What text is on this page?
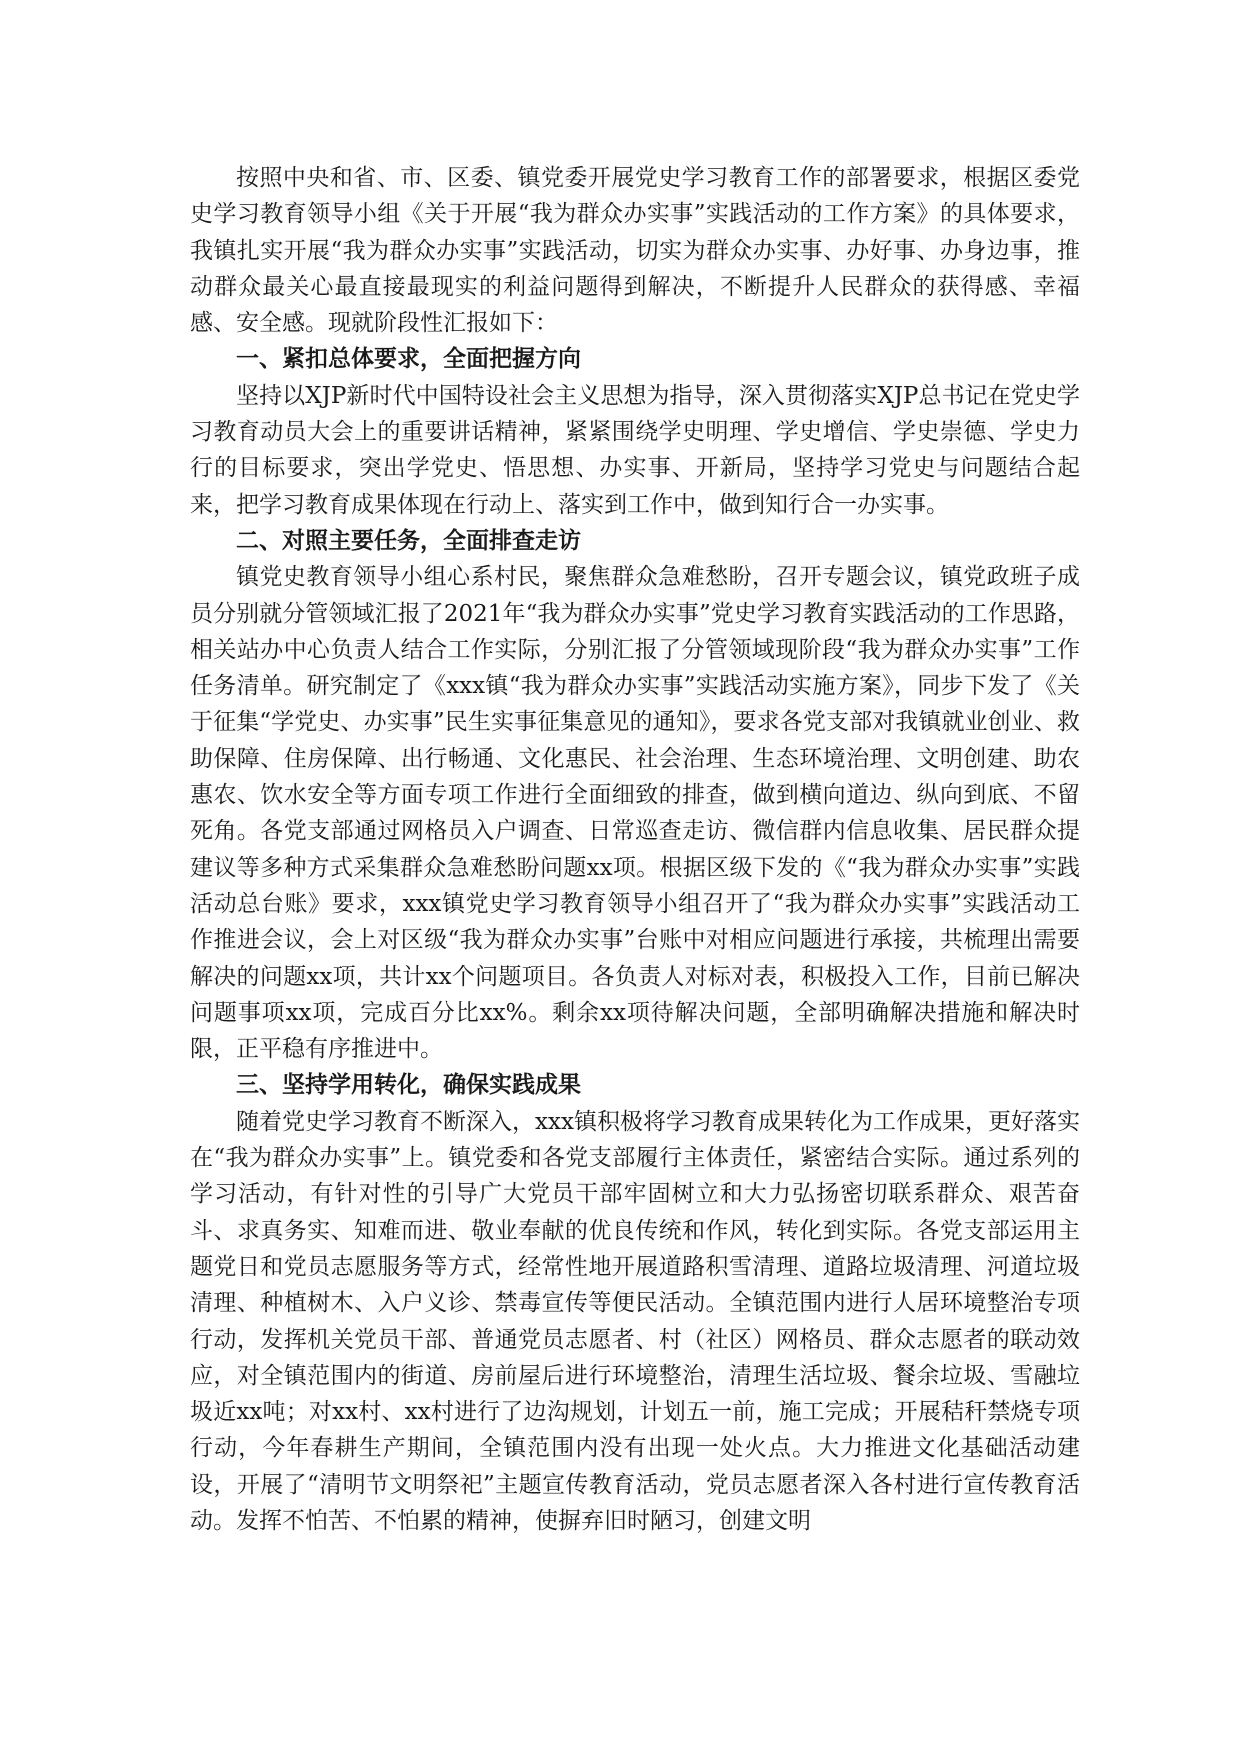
按照中央和省、市、区委、镇党委开展党史学习教育工作的部署要求，根据区委党史学习教育领导小组《关于开展“我为群众办实事”实践活动的工作方案》的具体要求，我镇扎实开展“我为群众办实事”实践活动，切实为群众办实事、办好事、办身边事，推动群众最关心最直接最现实的利益问题得到解决，不断提升人民群众的获得感、幸福感、安全感。现就阶段性汇报如下：

一、紧扣总体要求，全面把握方向

坚持以XJP新时代中国特设社会主义思想为指导，深入贯彻落实XJP总书记在党史学习教育动员大会上的重要讲话精神，紧紧围绕学史明理、学史增信、学史崇德、学史力行的目标要求，突出学党史、悟思想、办实事、开新局，坚持学习党史与问题结合起来，把学习教育成果体现在行动上、落实到工作中，做到知行合一办实事。

二、对照主要任务，全面排查走访

镇党史教育领导小组心系村民，聚焦群众急难愁盼，召开专题会议，镇党政班子成员分别就分管领域汇报了2021年“我为群众办实事”党史学习教育实践活动的工作思路，相关站办中心负责人结合工作实际，分别汇报了分管领域现阶段“我为群众办实事”工作任务清单。研究制定了《xxx镇“我为群众办实事”实践活动实施方案》，同步下发了《关于征集“学党史、办实事”民生实事征集意见的通知》，要求各党支部对我镇就业创业、救助保障、住房保障、出行畅通、文化惠民、社会治理、生态环境治理、文明创建、助农惠农、饮水安全等方面专项工作进行全面细致的排查，做到横向道边、纵向到底、不留死角。各党支部通过网格员入户调查、日常巡查走访、微信群内信息收集、居民群众提建议等多种方式采集群众急难愁盼问题xx项。根据区级下发的《“我为群众办实事”实践活动总台账》要求，xxx镇党史学习教育领导小组召开了“我为群众办实事”实践活动工作推进会议，会上对区级“我为群众办实事”台账中对相应问题进行承接，共梳理出需要解决的问题xx项，共计xx个问题项目。各负责人对标对表，积极投入工作，目前已解决问题事项xx项，完成百分比xx%。剩余xx项待解决问题，全部明确解决措施和解决时限，正平稳有序推进中。

三、坚持学用转化，确保实践成果

随着党史学习教育不断深入，xxx镇积极将学习教育成果转化为工作成果，更好落实在“我为群众办实事”上。镇党委和各党支部履行主体责任，紧密结合实际。通过系列的学习活动，有针对性的引导广大党员干部牢固树立和大力弘扬密切联系群众、艰苦奋斗、求真务实、知难而进、敬业奉献的优良传统和作风，转化到实际。各党支部运用主题党日和党员志愿服务等方式，经常性地开展道路积雪清理、道路垃圾清理、河道垃圾清理、种植树木、入户义诊、禁毒宣传等便民活动。全镇范围内进行人居环境整治专项行动，发挥机关党员干部、普通党员志愿者、村（社区）网格员、群众志愿者的联动效应，对全镇范围内的街道、房前屋后进行环境整治，清理生活垃圾、餐余垃圾、雪融垃圾近xx吨；对xx村、xx村进行了边沟规划，计划五一前，施工完成；开展秸秆禁烧专项行动，今年春耕生产期间，全镇范围内没有出现一处火点。大力推进文化基础活动建设，开展了“清明节文明祭祀”主题宣传教育活动，党员志愿者深入各村进行宣传教育活动。发挥不怕苦、不怕累的精神，使摒弃旧时陋习，创建文明
